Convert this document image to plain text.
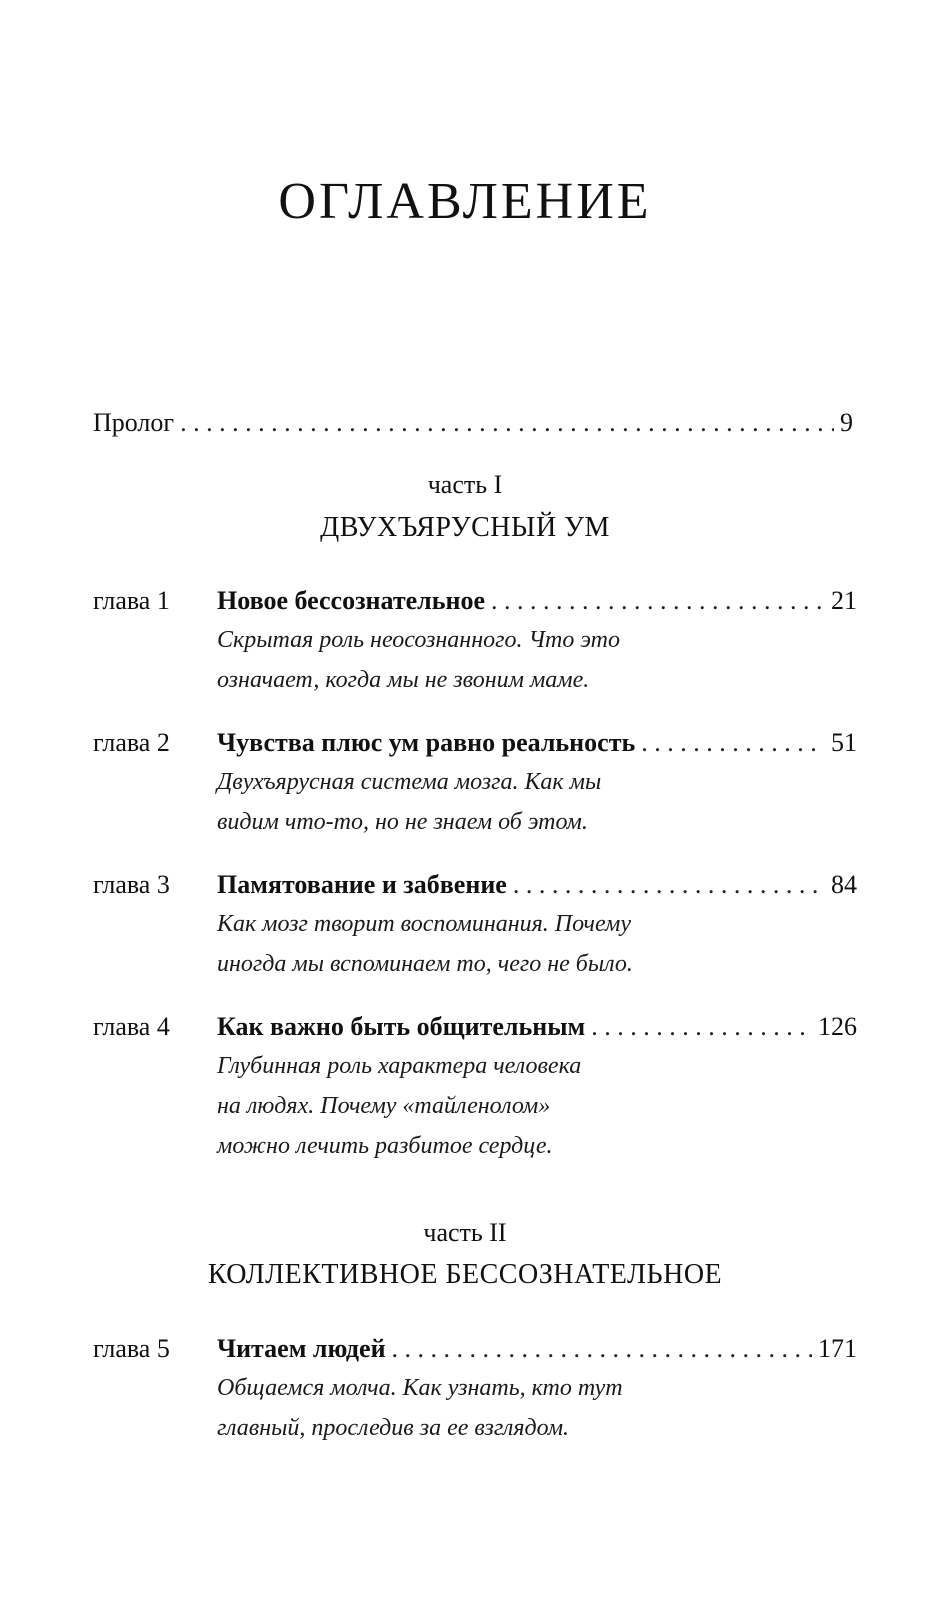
ОГЛАВЛЕНИЕ
Пролог . . .	9
часть I
ДВУХЪЯРУСНЫЙ УМ
глава 1	Новое бессознательное . . .	21
Скрытая роль неосознанного. Что это
означает, когда мы не звоним маме.
глава 2	Чувства плюс ум равно реальность . . .	51
Двухъярусная система мозга. Как мы
видим что-то, но не знаем об этом.
глава 3	Памятование и забвение . . .	84
Как мозг творит воспоминания. Почему
иногда мы вспоминаем то, чего не было.
глава 4	Как важно быть общительным . . .	126
Глубинная роль характера человека
на людях. Почему «тайленолом»
можно лечить разбитое сердце.
часть II
КОЛЛЕКТИВНОЕ БЕССОЗНАТЕЛЬНОЕ
глава 5	Читаем людей . . .	171
Общаемся молча. Как узнать, кто тут
главный, проследив за ее взглядом.
